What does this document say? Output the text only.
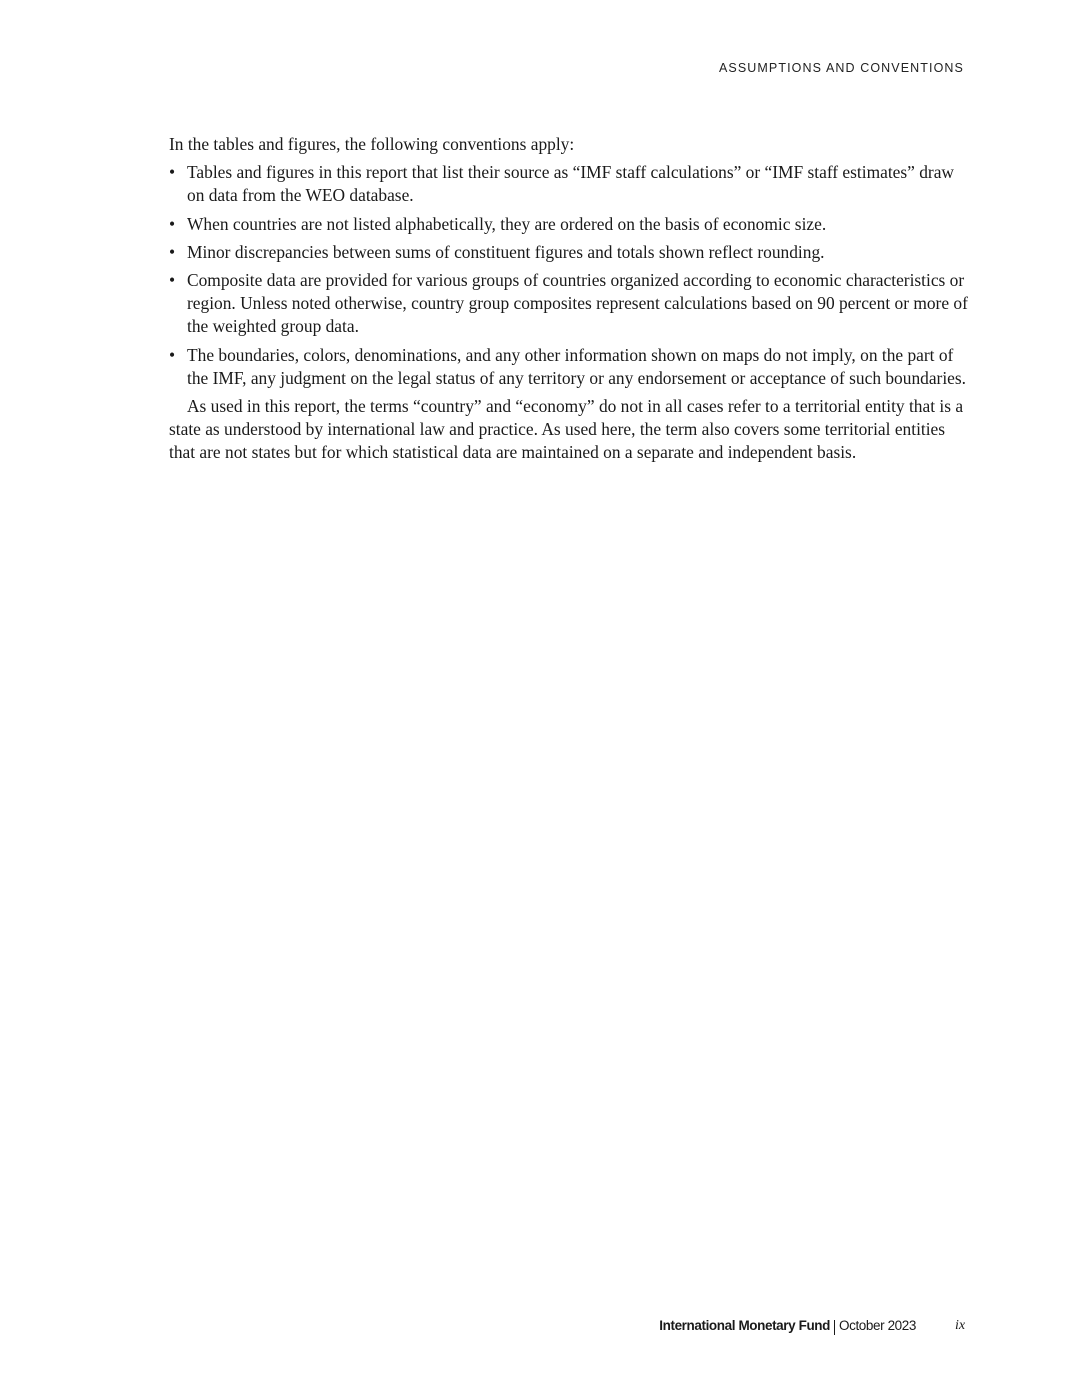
ASSUMPTIONS AND CONVENTIONS

In the tables and figures, the following conventions apply:

• Tables and figures in this report that list their source as “IMF staff calculations” or “IMF staff estimates” draw on data from the WEO database.
• When countries are not listed alphabetically, they are ordered on the basis of economic size.
• Minor discrepancies between sums of constituent figures and totals shown reflect rounding.
• Composite data are provided for various groups of countries organized according to economic characteristics or region. Unless noted otherwise, country group composites represent calculations based on 90 percent or more of the weighted group data.
• The boundaries, colors, denominations, and any other information shown on maps do not imply, on the part of the IMF, any judgment on the legal status of any territory or any endorsement or acceptance of such boundaries.

As used in this report, the terms “country” and “economy” do not in all cases refer to a territorial entity that is a state as understood by international law and practice. As used here, the term also covers some territorial entities that are not states but for which statistical data are maintained on a separate and independent basis.

International Monetary Fund October 2023	ix
